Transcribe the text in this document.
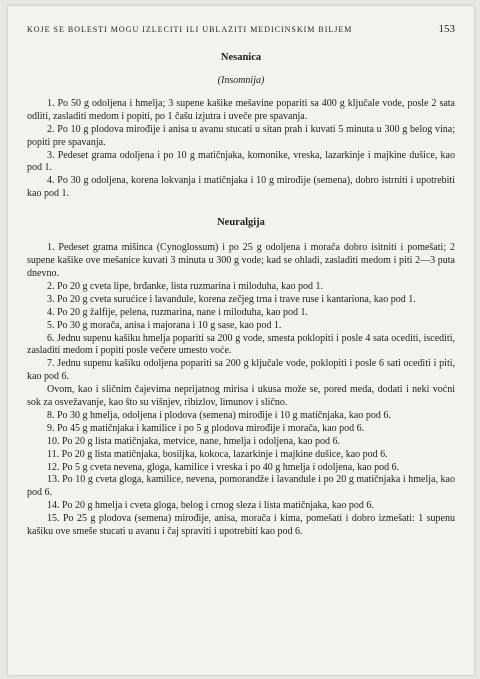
KOJE SE BOLESTI MOGU IZLECITI ILI UBLAZITI MEDICINSKIM BILJEM	153
Nesanica
(Insomnija)

1. Po 50 g odoljena i hmelja; 3 supene kašike mešavine popariti sa 400 g ključale vode, posle 2 sata odliti, zasladiti medom i popiti, po 1 čašu izjutra i uveče pre spavanja.

2. Po 10 g plodova mirođije i anisa u avanu stucati u sitan prah i kuvati 5 minuta u 300 g belog vina; popiti pre spavanja.

3. Pedeset grama odoljena i po 10 g matičnjaka, komonike, vreska, lazarkinje i majkine dušice, kao pod 1.

4. Po 30 g odoljena, korena lokvanja i matičnjaka i 10 g mirođije (semena), dobro istrniti i upotrebiti kao pod 1.

Neuralgija

1. Pedeset grama mišinca (Cynoglossum) i po 25 g odoljena i morača dobro isitniti i pomešati; 2 supene kašike ove mešanice kuvati 3 minuta u 300 g vode; kad se ohladi, zasladiti medom i piti 2—3 puta dnevno.

2. Po 20 g cveta lipe, brđanke, lista ruzmarina i miloduha, kao pod 1.

3. Po 20 g cveta surućice i lavandule, korena zečjeg trna i trave ruse i kantariona, kao pod 1.

4. Po 20 g žalfije, pelena, ruzmarina, nane i miloduha, kao pod 1.

5. Po 30 g morača, anisa i majorana i 10 g sase, kao pod 1.

6. Jednu supenu kašiku hmelja popariti sa 200 g vode, smesta poklopiti i posle 4 sata ocediti, iscediti, zasladiti medom i popiti posle večere umesto voće.

7. Jednu supenu kašiku odoljena popariti sa 200 g ključale vode, poklopiti i posle 6 sati oceditі i piti, kao pod 6.

Ovom, kao i sličnim čajevima neprijatnog mirisa i ukusa može se, pored meda, dodati i neki voćni sok za osvežavanje, kao što su višnjev, ribizlov, limunov i slično.

8. Po 30 g hmelja, odoljena i plodova (semena) mirođije i 10 g matičnjaka, kao pod 6.

9. Po 45 g matičnjaka i kamilice i po 5 g plodova mirođije i morača, kao pod 6.

10. Po 20 g lista matičnjaka, metvice, nane, hmelja i odoljena, kao pod 6.

11. Po 20 g lista matičnjaka, bosiljka, kokoca, lazarkinje i majkine dušice, kao pod 6.

12. Po 5 g cveta nevena, gloga, kamilice i vreska i po 40 g hmelja i odoljena, kao pod 6.

13. Po 10 g cveta gloga, kamilice, nevena, pomorandže i lavandule i po 20 g matičnjaka i hmelja, kao pod 6.

14. Po 20 g hmelja i cveta gloga, belog i crnog sleza i lista matičnjaka, kao pod 6.

15. Po 25 g plodova (semena) mirođije, anisa, morača i kima, pomešati i dobro izmešati: 1 supenu kašiku ove smeše stucati u avanu i čaj spraviti i upotrebiti kao pod 6.
